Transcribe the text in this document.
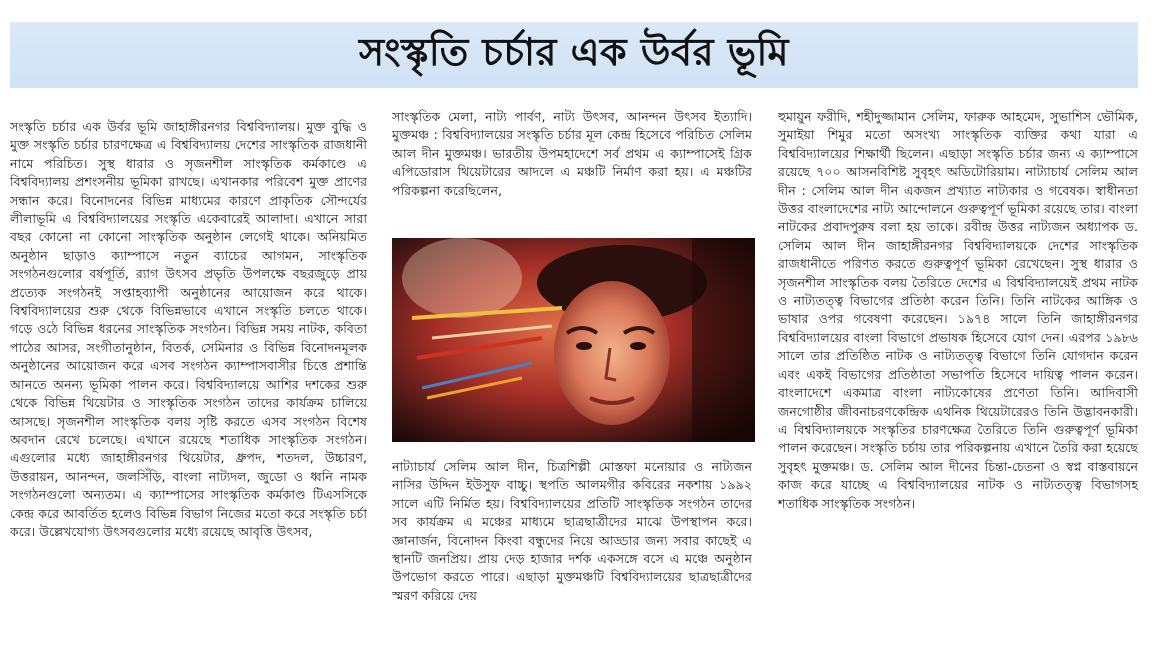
সংস্কৃতি চর্চার এক উর্বর ভূমি

সংস্কৃতি চর্চার এক উর্বর ভূমি জাহাঙ্গীরনগর বিশ্ববিদ্যালয়। মুক্ত বুদ্ধি ও মুক্ত সংস্কৃতি চর্চার চারণক্ষেত্র এ বিশ্ববিদ্যালয় দেশের সাংস্কৃতিক রাজধানী নামে পরিচিত। সুস্থ ধারার ও সৃজনশীল সাংস্কৃতিক কর্মকাণ্ডে এ বিশ্ববিদ্যালয় প্রশংসনীয় ভূমিকা রাখছে। এখানকার পরিবেশ মুক্ত প্রাণের সন্ধান করে। বিনোদনের বিভিন্ন মাধ্যমের কারণে প্রাকৃতিক সৌন্দর্যের লীলাভূমি এ বিশ্ববিদ্যালয়ের সংস্কৃতি একেবারেই আলাদা। এখানে সারা বছর কোনো না কোনো সাংস্কৃতিক অনুষ্ঠান লেগেই থাকে। অনিয়মিত অনুষ্ঠান ছাড়াও ক্যাম্পাসে নতুন ব্যাচের আগমন, সাংস্কৃতিক সংগঠনগুলোর বর্ষপূর্তি, র‌্যাগ উৎসব প্রভৃতি উপলক্ষে বছরজুড়ে প্রায় প্রত্যেক সংগঠনই সপ্তাহব্যাপী অনুষ্ঠানের আয়োজন করে থাকে। বিশ্ববিদ্যালয়ের শুরু থেকে বিভিন্নভাবে এখানে সংস্কৃতি চলতে থাকে। গড়ে ওঠে বিভিন্ন ধরনের সাংস্কৃতিক সংগঠন। বিভিন্ন সময় নাটক, কবিতা পাঠের আসর, সংগীতানুষ্ঠান, বিতর্ক, সেমিনার ও বিভিন্ন বিনোদনমূলক অনুষ্ঠানের আয়োজন করে এসব সংগঠন ক্যাম্পাসবাসীর চিত্তে প্রশান্তি আনতে অনন্য ভূমিকা পালন করে। বিশ্ববিদ্যালয়ে আশির দশকের শুরু থেকে বিভিন্ন থিয়েটার ও সাংস্কৃতিক সংগঠন তাদের কার্যক্রম চালিয়ে আসছে। সৃজনশীল সাংস্কৃতিক বলয় সৃষ্টি করতে এসব সংগঠন বিশেষ অবদান রেখে চলেছে। এখানে রয়েছে শতাধিক সাংস্কৃতিক সংগঠন। এগুলোর মধ্যে জাহাঙ্গীরনগর থিয়েটার, ধ্রুপদ, শতদল, উচ্চারণ, উত্তরায়ন, আনন্দন, জলসিঁড়ি, বাংলা নাট্যদল, জুডো ও ধ্বনি নামক সংগঠনগুলো অন্যতম। এ ক্যাম্পাসের সাংস্কৃতিক কর্মকাণ্ড টিএসসিকে কেন্দ্র করে আবর্তিত হলেও বিভিন্ন বিভাগ নিজের মতো করে সংস্কৃতি চর্চা করে। উল্লেখযোগ্য উৎসবগুলোর মধ্যে রয়েছে আবৃত্তি উৎসব,

সাংস্কৃতিক মেলা, নাট্য পার্বণ, নাট্য উৎসব, আনন্দন উৎসব ইত্যাদি। মুক্তমঞ্চ : বিশ্ববিদ্যালয়ের সংস্কৃতি চর্চার মূল কেন্দ্র হিসেবে পরিচিত সেলিম আল দীন মুক্তমঞ্চ। ভারতীয় উপমহাদেশে সর্ব প্রথম এ ক্যাম্পাসেই গ্রিক এপিডোরাস থিয়েটারের আদলে এ মঞ্চটি নির্মাণ করা হয়। এ মঞ্চটির পরিকল্পনা করেছিলেন,

নাট্যাচার্য সেলিম আল দীন, চিত্রশিল্পী মোস্তফা মনোয়ার ও নাট্যজন নাসির উদ্দিন ইউসুফ বাচ্চু। স্থপতি আলমগীর কবিরের নকশায় ১৯৯২ সালে এটি নির্মিত হয়। বিশ্ববিদ্যালয়ের প্রতিটি সাংস্কৃতিক সংগঠন তাদের সব কার্যক্রম এ মঞ্চের মাধ্যমে ছাত্রছাত্রীদের মাঝে উপস্থাপন করে। জ্ঞানার্জন, বিনোদন কিংবা বন্ধুদের নিয়ে আড্ডার জন্য সবার কাছেই এ স্থানটি জনপ্রিয়। প্রায় দেড় হাজার দর্শক একসঙ্গে বসে এ মঞ্চে অনুষ্ঠান উপভোগ করতে পারে। এছাড়া মুক্তমঞ্চটি বিশ্ববিদ্যালয়ের ছাত্রছাত্রীদের স্মরণ করিয়ে দেয়

হুমায়ুন ফরীদি, শহীদুজ্জামান সেলিম, ফারুক আহমেদ, সুভাশিস ভৌমিক, সুমাইয়া শিমুর মতো অসংখ্য সাংস্কৃতিক ব্যক্তির কথা যারা এ বিশ্ববিদ্যালয়ের শিক্ষার্থী ছিলেন। এছাড়া সংস্কৃতি চর্চার জন্য এ ক্যাম্পাসে রয়েছে ৭০০ আসনবিশিষ্ট সুবৃহৎ অডিটোরিয়াম। নাট্যাচার্য সেলিম আল দীন : সেলিম আল দীন একজন প্রখ্যাত নাট্যকার ও গবেষক। স্বাধীনতা উত্তর বাংলাদেশের নাট্য আন্দোলনে গুরুত্বপূর্ণ ভূমিকা রয়েছে তার। বাংলা নাটকের প্রবাদপুরুষ বলা হয় তাকে। রবীন্দ্র উত্তর নাট্যজন অধ্যাপক ড. সেলিম আল দীন জাহাঙ্গীরনগর বিশ্ববিদ্যালয়কে দেশের সাংস্কৃতিক রাজধানীতে পরিণত করতে গুরুত্বপূর্ণ ভূমিকা রেখেছেন। সুস্থ ধারার ও সৃজনশীল সাংস্কৃতিক বলয় তৈরিতে দেশের এ বিশ্ববিদ্যালয়েই প্রথম নাটক ও নাট্যতত্ত্ব বিভাগের প্রতিষ্ঠা করেন তিনি। তিনি নাটকের আঙ্গিক ও ভাষার ওপর গবেষণা করেছেন। ১৯৭৪ সালে তিনি জাহাঙ্গীরনগর বিশ্ববিদ্যালয়ের বাংলা বিভাগে প্রভাষক হিসেবে যোগ দেন। এরপর ১৯৮৬ সালে তার প্রতিষ্ঠিত নাটক ও নাট্যতত্ত্ব বিভাগে তিনি যোগদান করেন এবং একই বিভাগের প্রতিষ্ঠাতা সভাপতি হিসেবে দায়িত্ব পালন করেন। বাংলাদেশে একমাত্র বাংলা নাট্যকোষের প্রণেতা তিনি। আদিবাসী জনগোষ্ঠীর জীবনাচরণকেন্দ্রিক এথনিক থিয়েটারেরও তিনি উদ্ভাবনকারী। এ বিশ্ববিদ্যালয়কে সংস্কৃতির চারণক্ষেত্র তৈরিতে তিনি গুরুত্বপূর্ণ ভূমিকা পালন করেছেন। সংস্কৃতি চর্চায় তার পরিকল্পনায় এখানে তৈরি করা হয়েছে সুবৃহৎ মুক্তমঞ্চ। ড. সেলিম আল দীনের চিন্তা-চেতনা ও স্বপ্ন বাস্তবায়নে কাজ করে যাচ্ছে এ বিশ্ববিদ্যালয়ের নাটক ও নাট্যতত্ত্ব বিভাগসহ শতাধিক সাংস্কৃতিক সংগঠন।
